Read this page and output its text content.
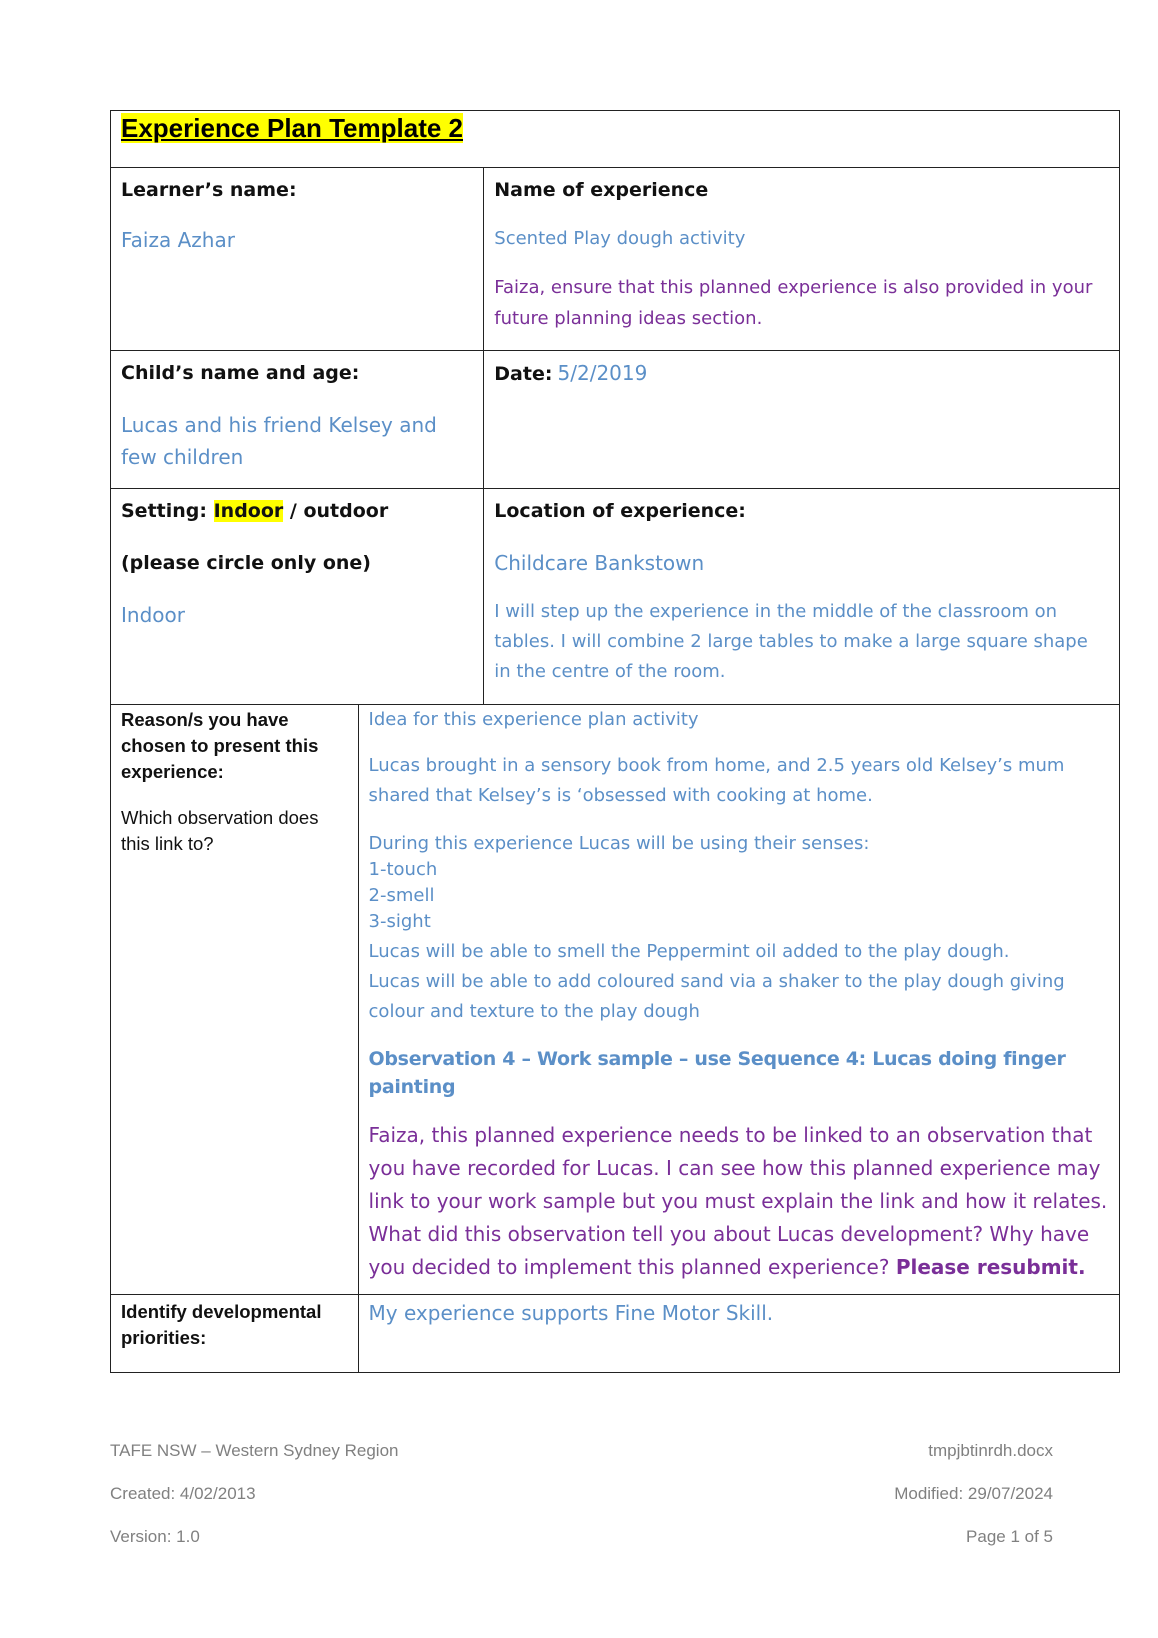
Experience Plan Template 2

Learner’s name:

Faiza Azhar

Name of experience

Scented Play dough activity

Faiza, ensure that this planned experience is also provided in your future planning ideas section.

Child’s name and age:

Lucas and his friend Kelsey and few children

Date: 5/2/2019

Setting: Indoor / outdoor

(please circle only one)

Indoor

Location of experience:

Childcare Bankstown

I will step up the experience in the middle of the classroom on tables. I will combine 2 large tables to make a large square shape in the centre of the room.

Reason/s you have chosen to present this experience:

Which observation does this link to?

Idea for this experience plan activity

Lucas brought in a sensory book from home, and 2.5 years old Kelsey’s mum shared that Kelsey’s is ‘obsessed with cooking at home.

During this experience Lucas will be using their senses:

1-touch

2-smell

3-sight

Lucas will be able to smell the Peppermint oil added to the play dough.

Lucas will be able to add coloured sand via a shaker to the play dough giving colour and texture to the play dough

Observation 4 – Work sample – use Sequence 4: Lucas doing finger painting

Faiza, this planned experience needs to be linked to an observation that you have recorded for Lucas. I can see how this planned experience may link to your work sample but you must explain the link and how it relates. What did this observation tell you about Lucas development? Why have you decided to implement this planned experience? Please resubmit.

Identify developmental priorities:

My experience supports Fine Motor Skill.

TAFE NSW – Western Sydney Region
Created: 4/02/2013
Version: 1.0
tmpjbtinrdh.docx
Modified: 29/07/2024
Page 1 of 5
